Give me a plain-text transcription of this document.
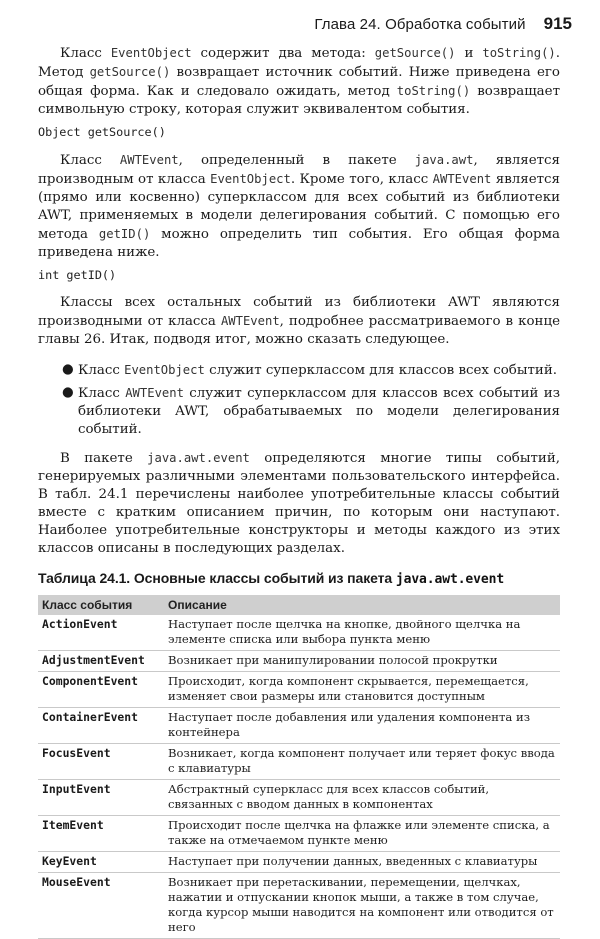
Глава 24. Обработка событий 915

Класс EventObject содержит два метода: getSource() и toString(). Метод getSource() возвращает источник событий. Ниже приведена его общая форма. Как и следовало ожидать, метод toString() возвращает символьную строку, которая служит эквивалентом события.

Object getSource()

Класс AWTEvent, определенный в пакете java.awt, является производным от класса EventObject. Кроме того, класс AWTEvent является (прямо или косвенно) суперклассом для всех событий из библиотеки AWT, применяемых в модели делегирования событий. С помощью его метода getID() можно определить тип события. Его общая форма приведена ниже.

int getID()

Классы всех остальных событий из библиотеки AWT являются производными от класса AWTEvent, подробнее рассматриваемого в конце главы 26. Итак, подводя итог, можно сказать следующее.

● Класс EventObject служит суперклассом для классов всех событий.
● Класс AWTEvent служит суперклассом для классов всех событий из библиотеки AWT, обрабатываемых по модели делегирования событий.

В пакете java.awt.event определяются многие типы событий, генерируемых различными элементами пользовательского интерфейса. В табл. 24.1 перечислены наиболее употребительные классы событий вместе с кратким описанием причин, по которым они наступают. Наиболее употребительные конструкторы и методы каждого из этих классов описаны в последующих разделах.

Таблица 24.1. Основные классы событий из пакета java.awt.event
Класс события	Описание
ActionEvent	Наступает после щелчка на кнопке, двойного щелчка на элементе списка или выбора пункта меню
AdjustmentEvent	Возникает при манипулировании полосой прокрутки
ComponentEvent	Происходит, когда компонент скрывается, перемещается, изменяет свои размеры или становится доступным
ContainerEvent	Наступает после добавления или удаления компонента из контейнера
FocusEvent	Возникает, когда компонент получает или теряет фокус ввода с клавиатуры
InputEvent	Абстрактный суперкласс для всех классов событий, связанных с вводом данных в компонентах
ItemEvent	Происходит после щелчка на флажке или элементе списка, а также на отмечаемом пункте меню
KeyEvent	Наступает при получении данных, введенных с клавиатуры
MouseEvent	Возникает при перетаскивании, перемещении, щелчках, нажатии и отпускании кнопок мыши, а также в том случае, когда курсор мыши наводится на компонент или отводится от него
